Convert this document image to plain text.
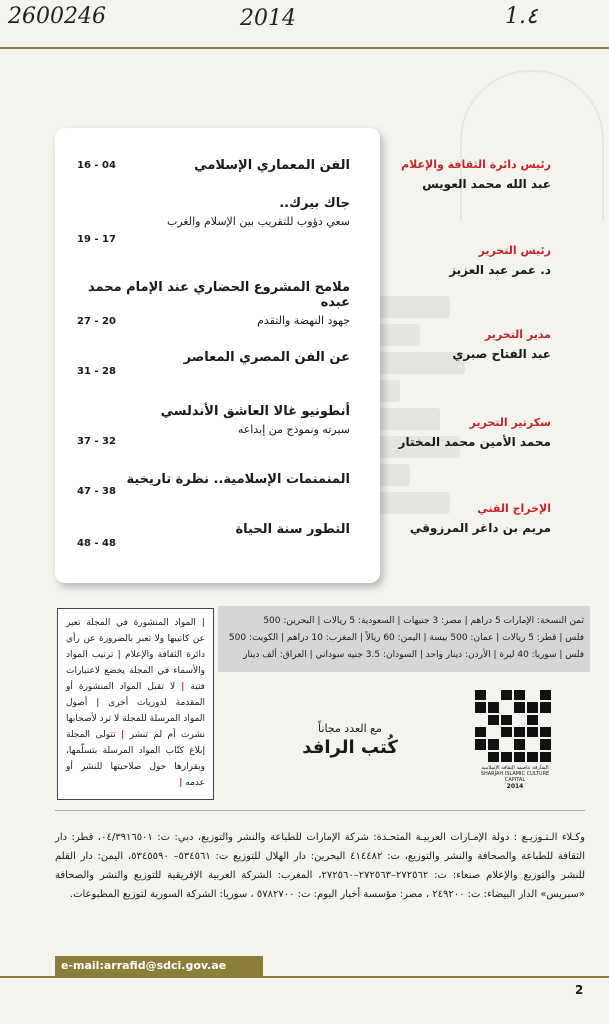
2600246	2014	1.٤
الفن المعماري الإسلامي
16 - 04
جاك بيرك..
سعي دؤوب للتقريب بين الإسلام والغرب
19 - 17
ملامح المشروع الحضاري عند الإمام محمد عبده
جهود النهضة والتقدم
27 - 20
عن الفن المصري المعاصر
31 - 28
أنطونيو غالا العاشق الأندلسي
سيرته ونموذج من إبداعه
37 - 32
المنمنمات الإسلامية.. نظرة تاريخية
47 - 38
التطور سنة الحياة
48 - 48
رئيس دائرة الثقافة والإعلام
عبد الله محمد العويس
رئيس التحرير
د. عمر عبد العزيز
مدير التحرير
عبد الفتاح صبري
سكرتير التحرير
محمد الأمين محمد المختار
الإخراج الفني
مريم بن داغر المرزوقي
ثمن النسخة: الإمارات 5 دراهم | مصر: 3 جنيهات | السعودية: 5 ريالات | البحرين: 500
فلس | قطر: 5 ريالات | عمان: 500 بيسة | اليمن: 60 ريالاً | المغرب: 10 دراهم | الكويت: 500
فلس | سوريا: 40 ليرة | الأردن: دينار واحد | السودان: 3.5 جنيه سوداني | العراق: ألف دينار

| المواد المنشورة في المجلة تعبر عن كاتبيها ولا تعبر بالضرورة عن رأي دائرة الثقافة والإعلام | ترتيب المواد والأسماء في المجلة يخضع لاعتبارات فنية | لا تقبل المواد المنشورة أو المقدمة لدوريات أخرى | أصول المواد المرسلة للمجلة لا ترد لأصحابها نشرت أم لم تنشر | تتولى المجلة إبلاغ كتّاب المواد المرسلة بتسلّمها، وبقرارها حول صلاحيتها للنشر أو عدمه |

مع العدد مجاناً
كُتب الرافد
الشارقة عاصمة الثقافة الإسلامية SHARJAH ISLAMIC CULTURE CAPITAL
2014
وكـلاء الـتـوزيـع : دولة الإمـارات العربيـة المتحـدة: شركة الإمارات للطباعة والنشر والتوزيع، دبي: ت: ٠٤/٣٩١٦٥٠١، قطر: دار الثقافة للطباعة والصحافة والنشر والتوزيع، ت: ٤١٤٤٨٢ البحرين: دار الهلال للتوزيع ت: ٥٣٤٥٦١– ٥٣٤٥٥٩٠، اليمن: دار القلم للنشر والتوزيع والإعلام صنعاء: ت: ٢٧٢٥٦٢–٢٧٢٥٦٣–٢٧٢٥٦٠، المغرب: الشركة العربية الإفريقية للتوزيع والنشر والصحافة «سبريس» الدار البيضاء: ت: ٢٤٩٢٠٠ ، مصر: مؤسسة أخبار اليوم: ت: ٥٧٨٢٧٠٠ ، سوريا: الشركة السورية لتوزيع المطبوعات.
e-mail:arrafid@sdci.gov.ae
2
